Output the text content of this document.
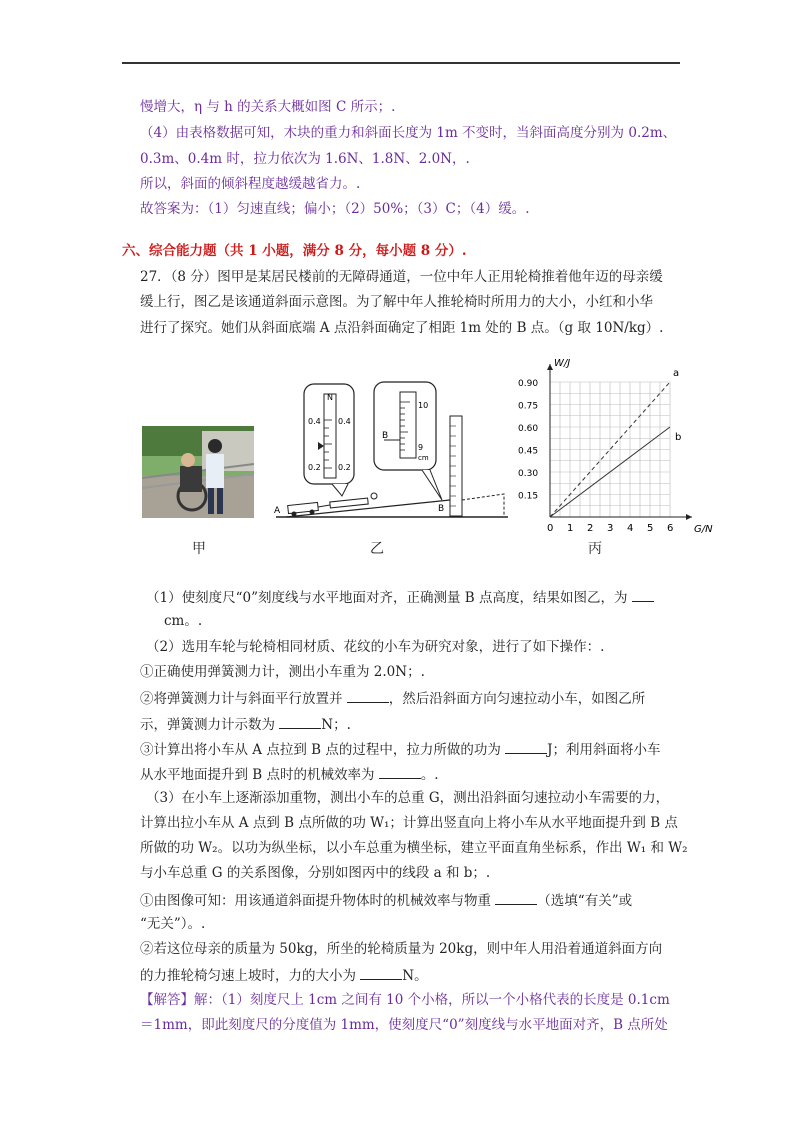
慢增大，η 与 h 的关系大概如图 C 所示；.
（4）由表格数据可知，木块的重力和斜面长度为 1m 不变时，当斜面高度分别为 0.2m、
0.3m、0.4m 时，拉力依次为 1.6N、1.8N、2.0N，.
所以，斜面的倾斜程度越缓越省力。.
故答案为：（1）匀速直线；偏小；（2）50%；（3）C；（4）缓。.
六、综合能力题（共 1 小题，满分 8 分，每小题 8 分）.
27．（8 分）图甲是某居民楼前的无障碍通道，一位中年人正用轮椅推着他年迈的母亲缓
缓上行，图乙是该通道斜面示意图。为了解中年人推轮椅时所用力的大小，小红和小华
进行了探究。她们从斜面底端 A 点沿斜面确定了相距 1m 处的 B 点。（g 取 10N/kg）.
甲
N
0.4 0.4
0.2 0.2
B
10
9
cm
A	B
乙
0 1 2 3 4 5 6
0.15
0.30
0.45
0.60
0.75
0.90
W/J
G/N
a
b
丙
（1）使刻度尺“0”刻度线与水平地面对齐，正确测量 B 点高度，结果如图乙，为
cm。.
（2）选用车轮与轮椅相同材质、花纹的小车为研究对象，进行了如下操作：.
①正确使用弹簧测力计，测出小车重为 2.0N；.
②将弹簧测力计与斜面平行放置并	，然后沿斜面方向匀速拉动小车，如图乙所
示，弹簧测力计示数为	N；.
③计算出将小车从 A 点拉到 B 点的过程中，拉力所做的功为	J；利用斜面将小车
从水平地面提升到 B 点时的机械效率为	。.
（3）在小车上逐渐添加重物，测出小车的总重 G，测出沿斜面匀速拉动小车需要的力，
计算出拉小车从 A 点到 B 点所做的功 W₁；计算出竖直向上将小车从水平地面提升到 B 点
所做的功 W₂。以功为纵坐标，以小车总重为横坐标，建立平面直角坐标系，作出 W₁ 和 W₂
与小车总重 G 的关系图像，分别如图丙中的线段 a 和 b；.
①由图像可知：用该通道斜面提升物体时的机械效率与物重	（选填“有关”或
“无关”）。.
②若这位母亲的质量为 50kg，所坐的轮椅质量为 20kg，则中年人用沿着通道斜面方向
的力推轮椅匀速上坡时，力的大小为	N。
【解答】解：（1）刻度尺上 1cm 之间有 10 个小格，所以一个小格代表的长度是 0.1cm
＝1mm，即此刻度尺的分度值为 1mm，使刻度尺“0”刻度线与水平地面对齐，B 点所处
